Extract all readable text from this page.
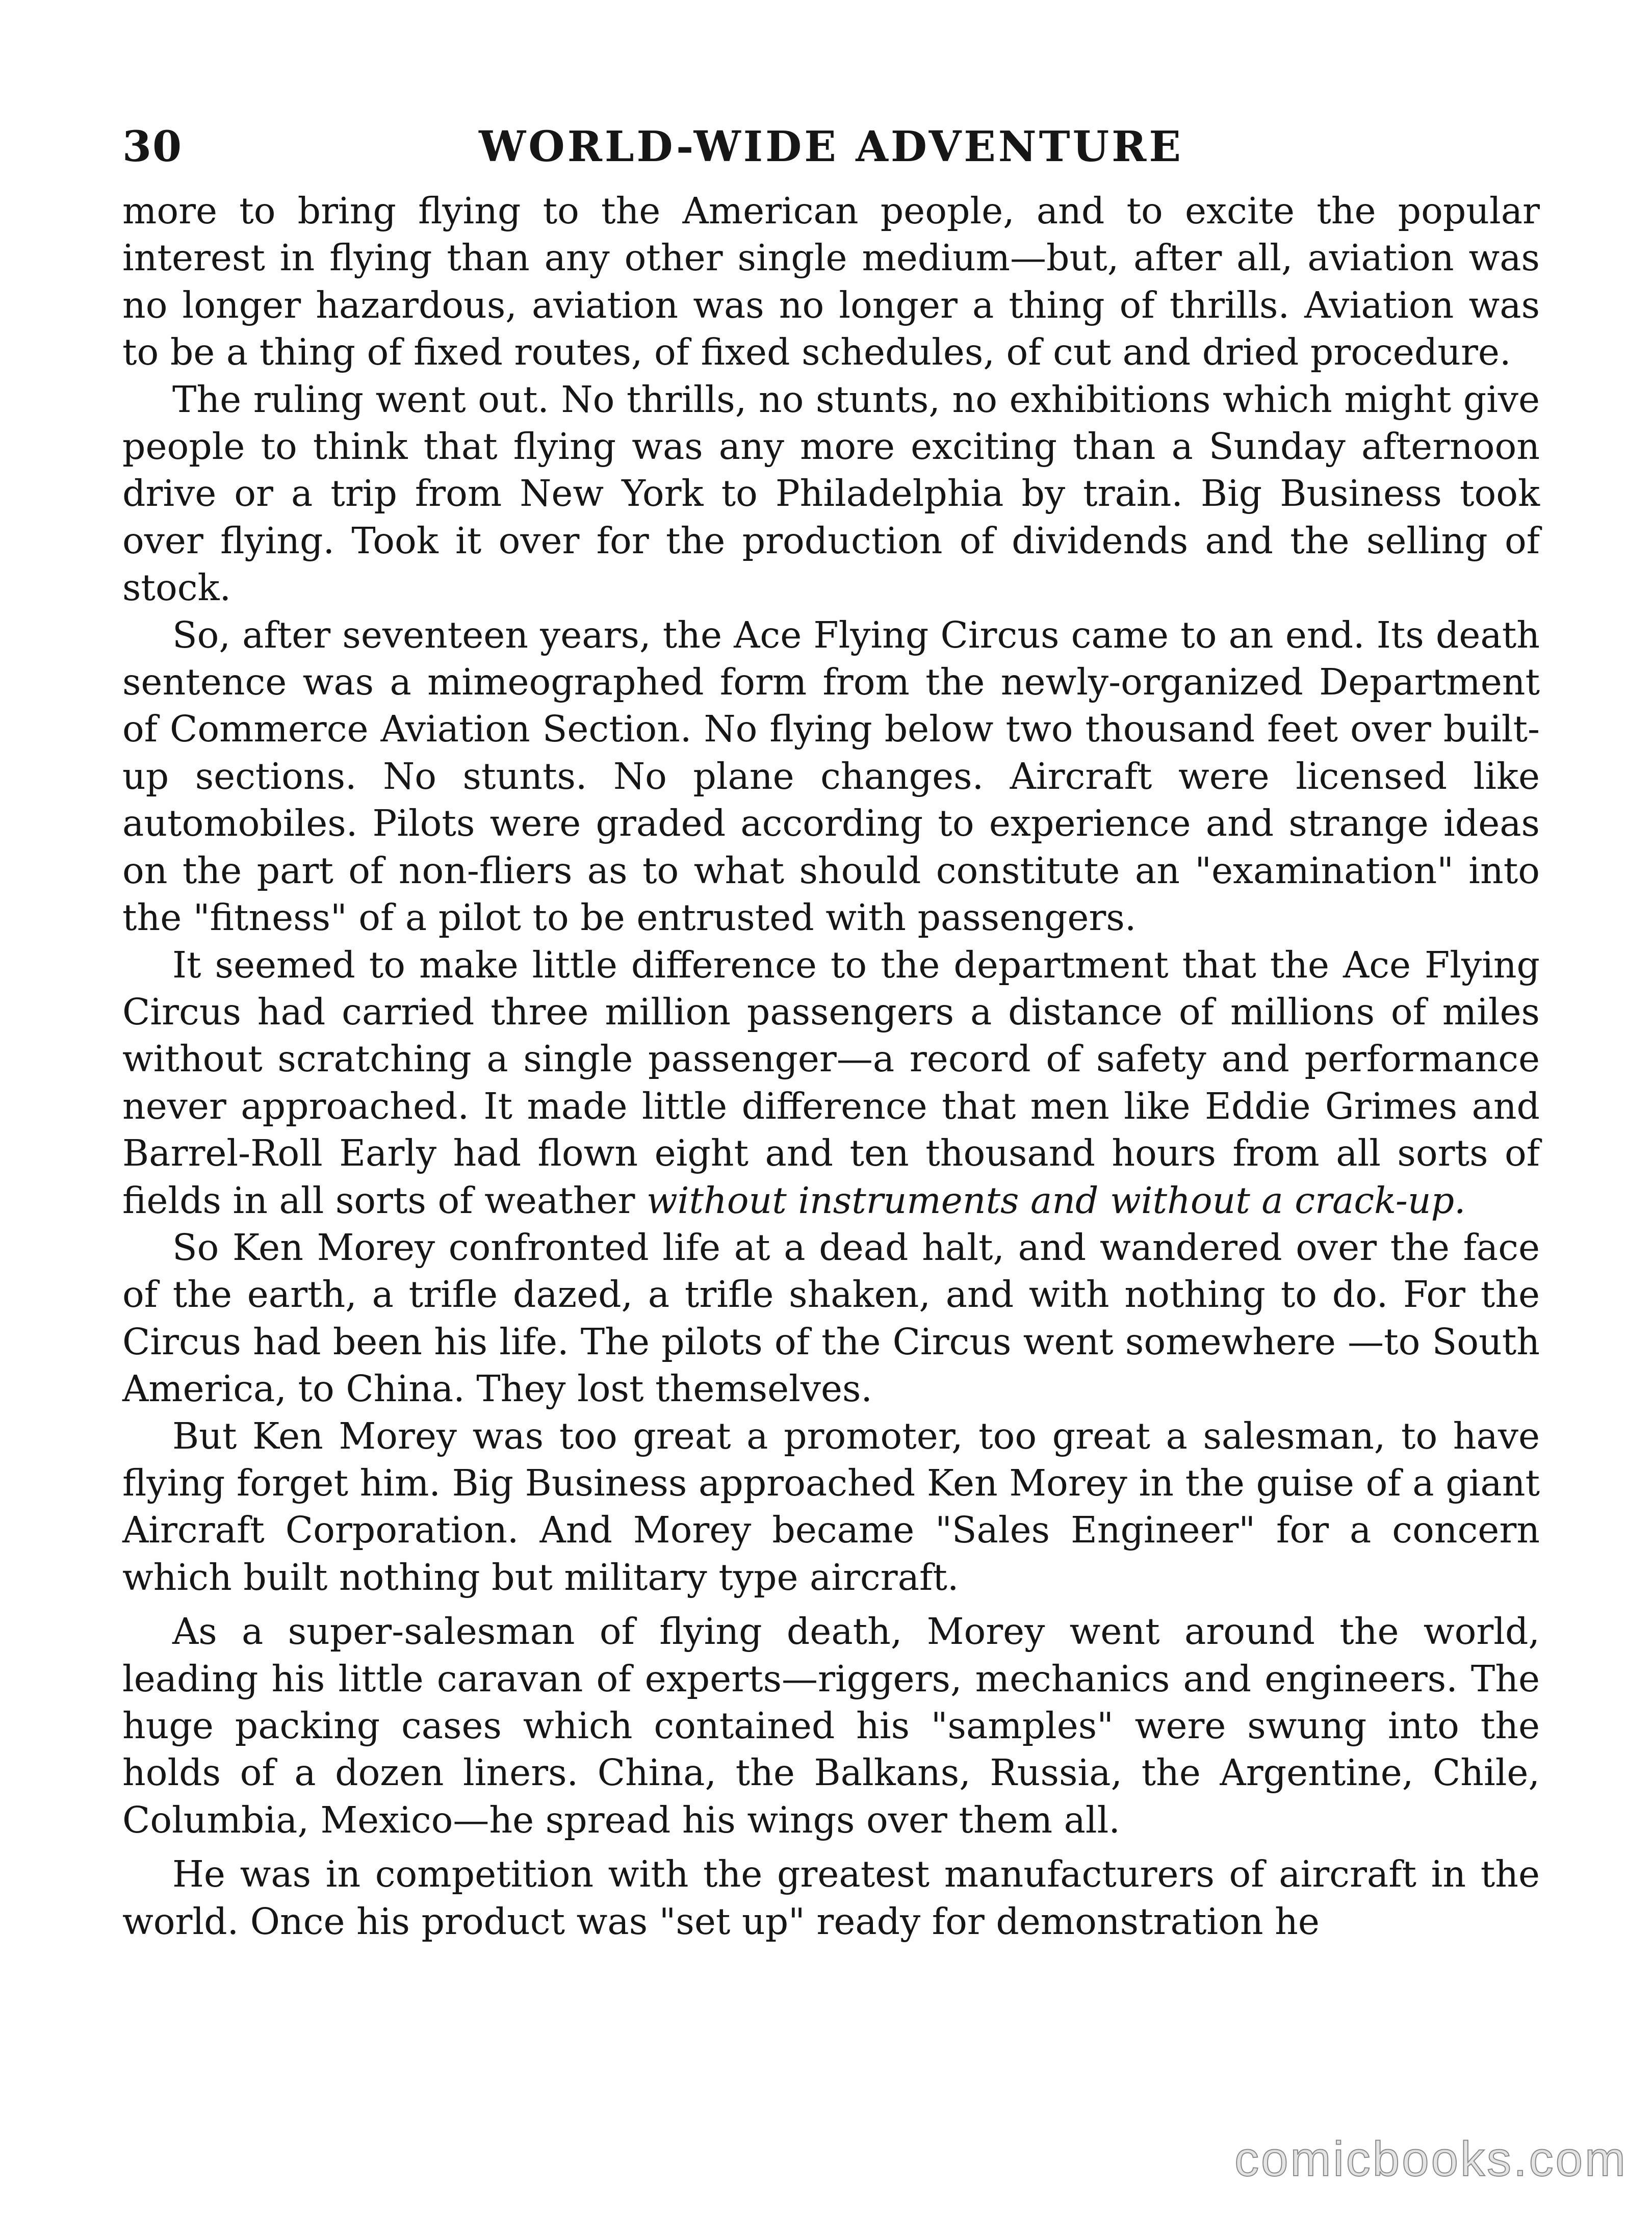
30	WORLD-WIDE ADVENTURE

more to bring flying to the American people, and to excite the popular interest in flying than any other single medium—but, after all, aviation was no longer hazardous, aviation was no longer a thing of thrills. Aviation was to be a thing of fixed routes, of fixed schedules, of cut and dried procedure.

The ruling went out. No thrills, no stunts, no exhibitions which might give people to think that flying was any more exciting than a Sunday afternoon drive or a trip from New York to Philadelphia by train. Big Business took over flying. Took it over for the production of dividends and the selling of stock.

So, after seventeen years, the Ace Flying Circus came to an end. Its death sentence was a mimeographed form from the newly-organized Department of Commerce Aviation Section. No flying below two thousand feet over built-up sections. No stunts. No plane changes. Aircraft were licensed like automobiles. Pilots were graded according to experience and strange ideas on the part of non-fliers as to what should constitute an "examination" into the "fitness" of a pilot to be entrusted with passengers.

It seemed to make little difference to the department that the Ace Flying Circus had carried three million passengers a distance of millions of miles without scratching a single passenger—a record of safety and performance never approached. It made little difference that men like Eddie Grimes and Barrel-Roll Early had flown eight and ten thousand hours from all sorts of fields in all sorts of weather without instruments and without a crack-up.

So Ken Morey confronted life at a dead halt, and wandered over the face of the earth, a trifle dazed, a trifle shaken, and with nothing to do. For the Circus had been his life. The pilots of the Circus went somewhere —to South America, to China. They lost themselves.

But Ken Morey was too great a promoter, too great a salesman, to have flying forget him. Big Business approached Ken Morey in the guise of a giant Aircraft Corporation. And Morey became "Sales Engineer" for a concern which built nothing but military type aircraft.

As a super-salesman of flying death, Morey went around the world, leading his little caravan of experts—riggers, mechanics and engineers. The huge packing cases which contained his "samples" were swung into the holds of a dozen liners. China, the Balkans, Russia, the Argentine, Chile, Columbia, Mexico—he spread his wings over them all.

He was in competition with the greatest manufacturers of aircraft in the world. Once his product was "set up" ready for demonstration he

comicbooks.com
